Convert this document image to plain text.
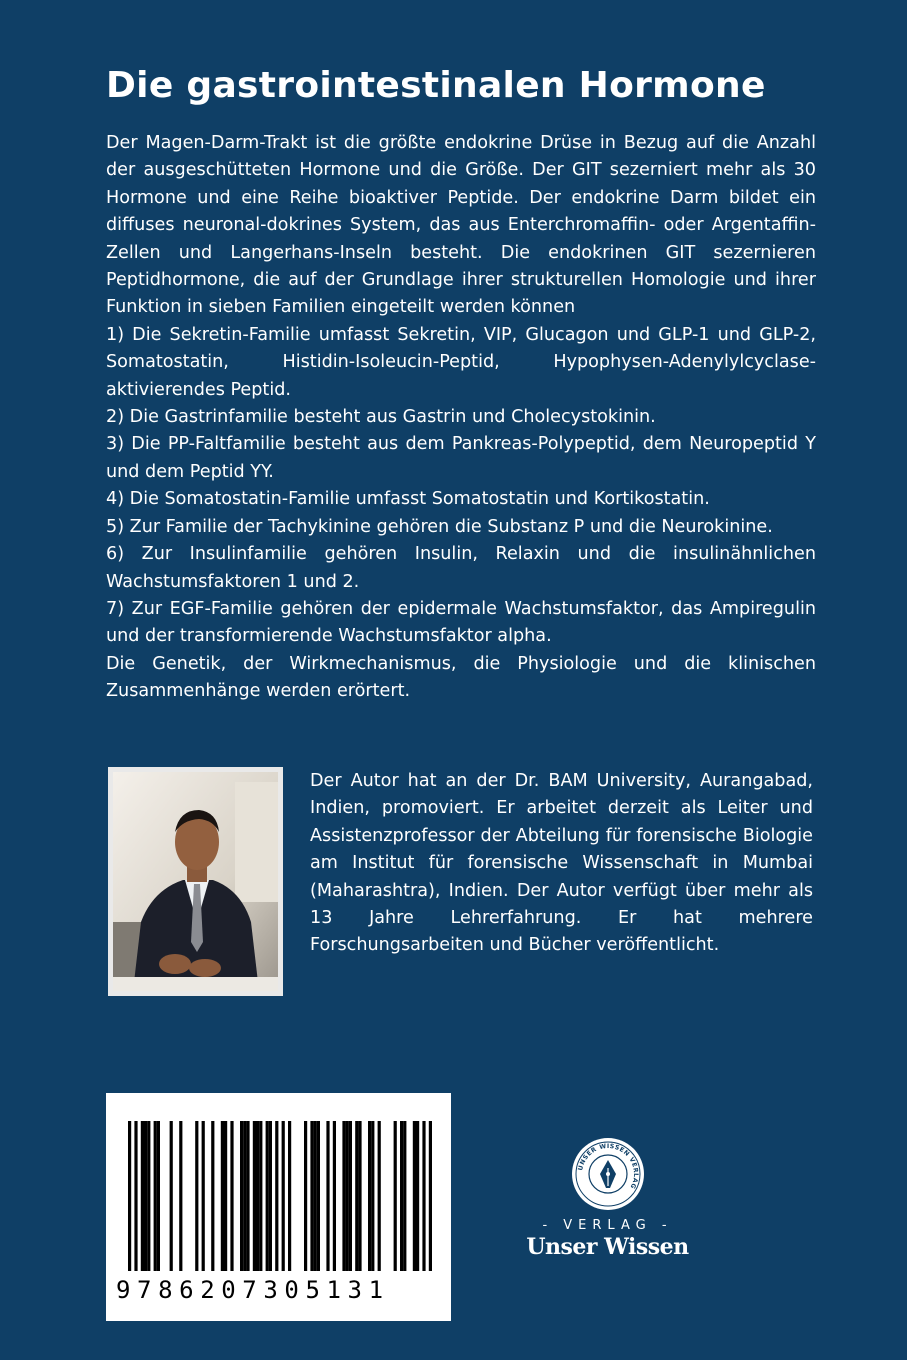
Die gastrointestinalen Hormone

Der Magen-Darm-Trakt ist die größte endokrine Drüse in Bezug auf die Anzahl der ausgeschütteten Hormone und die Größe. Der GIT sezerniert mehr als 30 Hormone und eine Reihe bioaktiver Peptide. Der endokrine Darm bildet ein diffuses neuronal-dokrines System, das aus Enterchromaffin- oder Argentaffin-Zellen und Langerhans-Inseln besteht. Die endokrinen GIT sezernieren Peptidhormone, die auf der Grundlage ihrer strukturellen Homologie und ihrer Funktion in sieben Familien eingeteilt werden können

1) Die Sekretin-Familie umfasst Sekretin, VIP, Glucagon und GLP-1 und GLP-2, Somatostatin, Histidin-Isoleucin-Peptid, Hypophysen-Adenylylcyclase-aktivierendes Peptid.

2) Die Gastrinfamilie besteht aus Gastrin und Cholecystokinin.

3) Die PP-Faltfamilie besteht aus dem Pankreas-Polypeptid, dem Neuropeptid Y und dem Peptid YY.

4) Die Somatostatin-Familie umfasst Somatostatin und Kortikostatin.

5) Zur Familie der Tachykinine gehören die Substanz P und die Neurokinine.

6) Zur Insulinfamilie gehören Insulin, Relaxin und die insulinähnlichen Wachstumsfaktoren 1 und 2.

7) Zur EGF-Familie gehören der epidermale Wachstumsfaktor, das Ampiregulin und der transformierende Wachstumsfaktor alpha.

Die Genetik, der Wirkmechanismus, die Physiologie und die klinischen Zusammenhänge werden erörtert.

Der Autor hat an der Dr. BAM University, Aurangabad, Indien, promoviert. Er arbeitet derzeit als Leiter und Assistenzprofessor der Abteilung für forensische Biologie am Institut für forensische Wissenschaft in Mumbai (Maharashtra), Indien. Der Autor verfügt über mehr als 13 Jahre Lehrerfahrung. Er hat mehrere Forschungsarbeiten und Bücher veröffentlicht.
9786207305131
UNSER WISSEN VERLAG
- VERLAG -
Unser Wissen
